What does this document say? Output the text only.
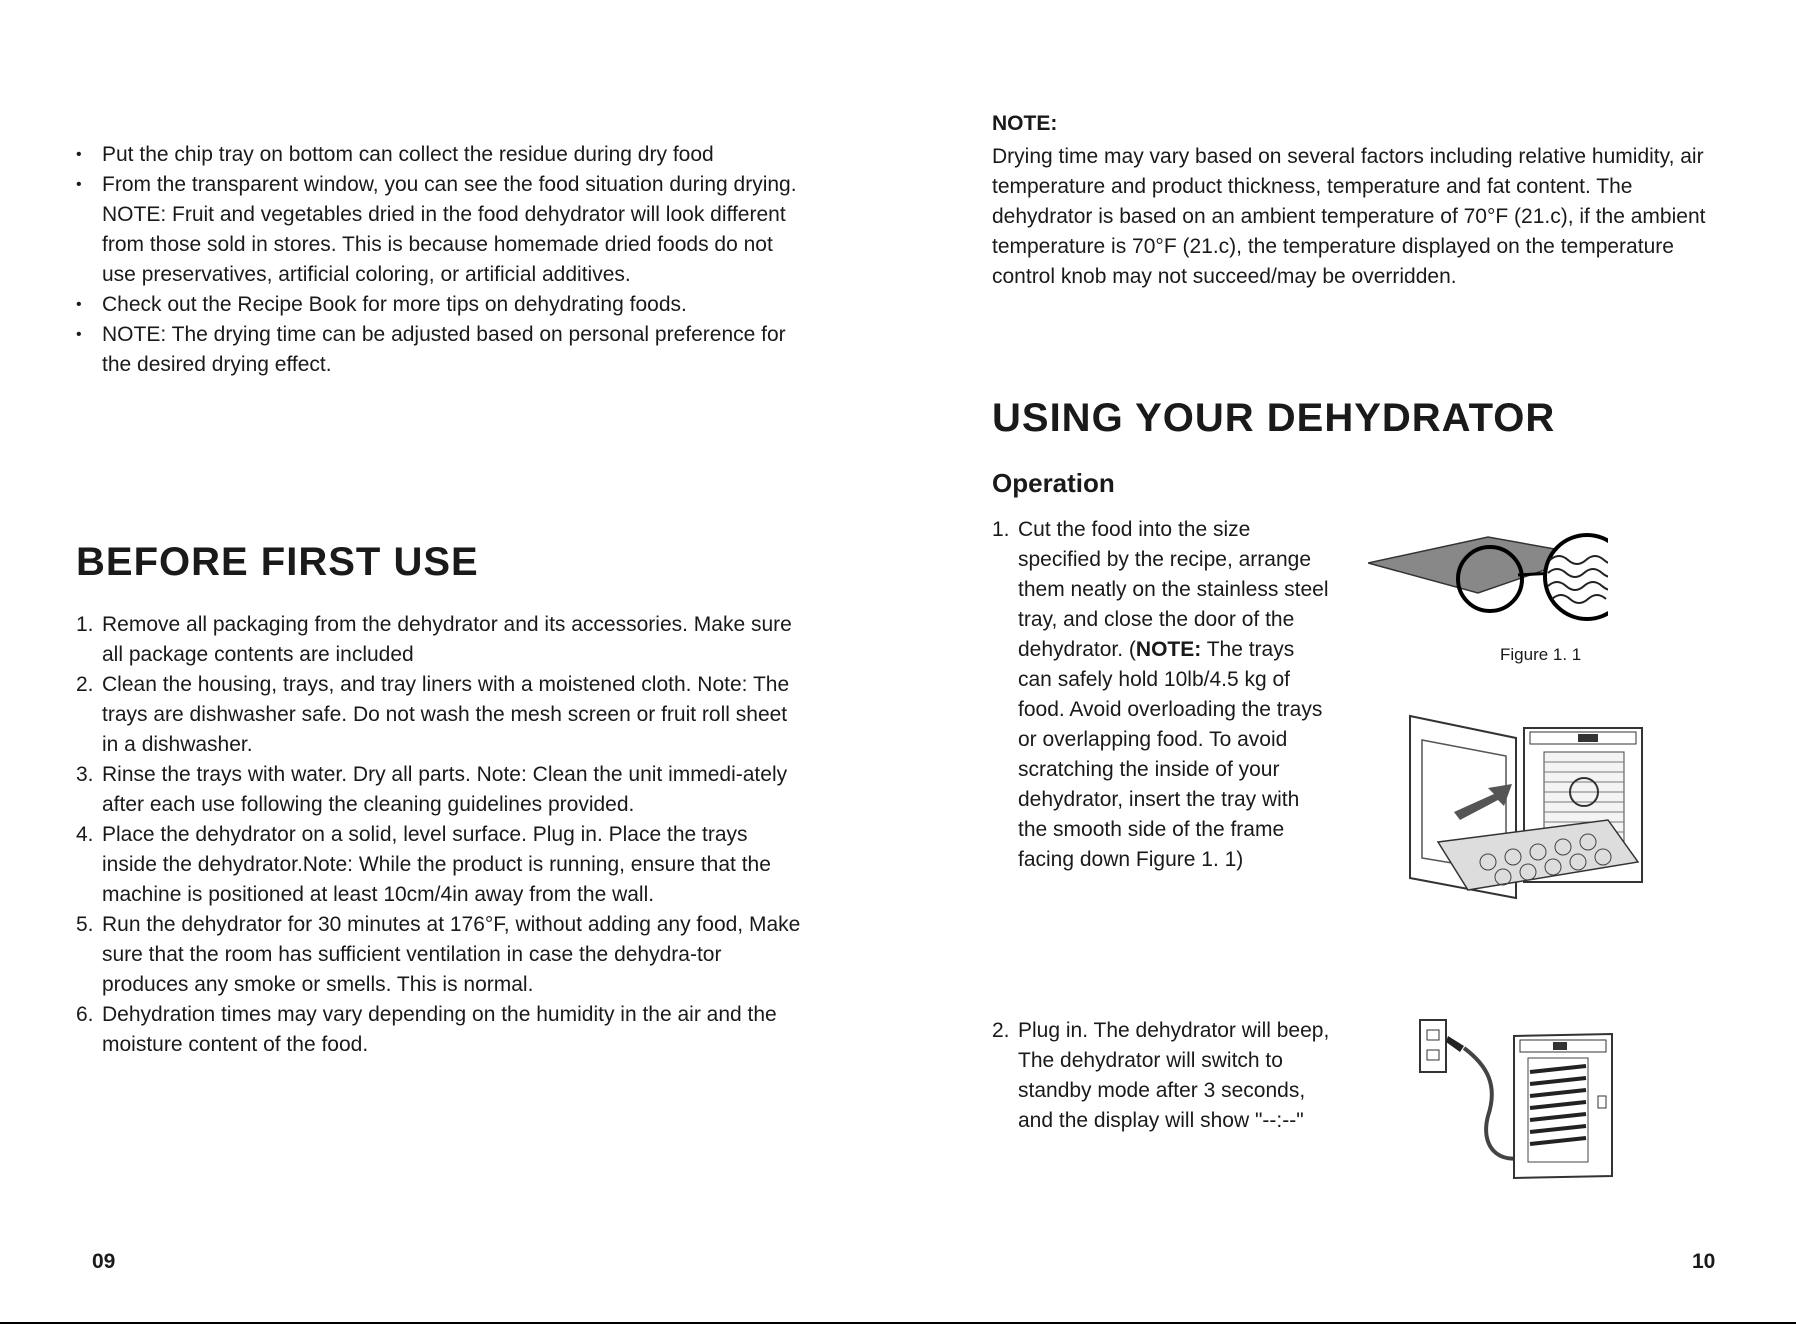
• Put the chip tray on bottom can collect the residue during dry food
• From the transparent window, you can see the food situation during drying. NOTE: Fruit and vegetables dried in the food dehydrator will look different from those sold in stores. This is because homemade dried foods do not use preservatives, artificial coloring, or artificial additives.
• Check out the Recipe Book for more tips on dehydrating foods.
• NOTE: The drying time can be adjusted based on personal preference for the desired drying effect.
BEFORE FIRST USE
1. Remove all packaging from the dehydrator and its accessories. Make sure all package contents are included
2. Clean the housing, trays, and tray liners with a moistened cloth. Note: The trays are dishwasher safe. Do not wash the mesh screen or fruit roll sheet in a dishwasher.
3. Rinse the trays with water. Dry all parts. Note: Clean the unit immedi-ately after each use following the cleaning guidelines provided.
4. Place the dehydrator on a solid, level surface. Plug in. Place the trays inside the dehydrator.Note: While the product is running, ensure that the machine is positioned at least 10cm/4in away from the wall.
5. Run the dehydrator for 30 minutes at 176°F, without adding any food, Make sure that the room has sufficient ventilation in case the dehydra-tor produces any smoke or smells. This is normal.
6. Dehydration times may vary depending on the humidity in the air and the moisture content of the food.
09
NOTE:

Drying time may vary based on several factors including relative humidity, air temperature and product thickness, temperature and fat content. The dehydrator is based on an ambient temperature of 70°F (21.c), if the ambient temperature is 70°F (21.c), the temperature displayed on the temperature control knob may not succeed/may be overridden.

USING YOUR DEHYDRATOR
Operation
1. Cut the food into the size specified by the recipe, arrange them neatly on the stainless steel tray, and close the door of the dehydrator. (NOTE: The trays can safely hold 10lb/4.5 kg of food. Avoid overloading the trays or overlapping food. To avoid scratching the inside of your dehydrator, insert the tray with the smooth side of the frame facing down Figure 1. 1)
2. Plug in. The dehydrator will beep, The dehydrator will switch to standby mode after 3 seconds, and the display will show "--:--"
Figure 1. 1
10
